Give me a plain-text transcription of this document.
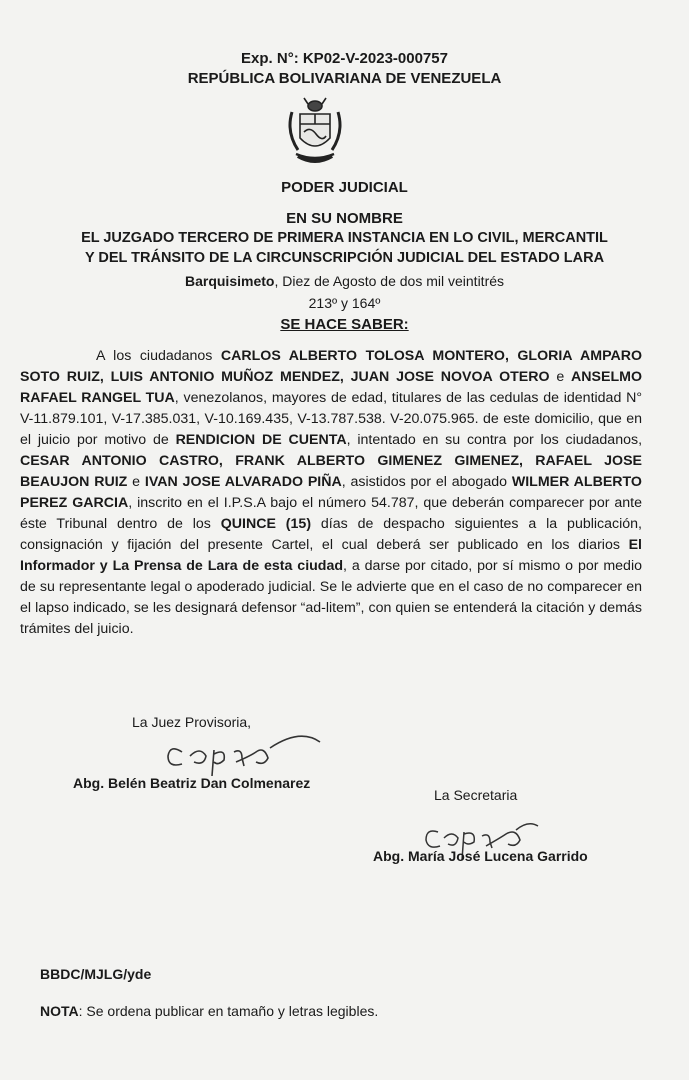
Exp. N°: KP02-V-2023-000757
REPÚBLICA BOLIVARIANA DE VENEZUELA
PODER JUDICIAL
EN SU NOMBRE
EL JUZGADO TERCERO DE PRIMERA INSTANCIA EN LO CIVIL, MERCANTIL
Y DEL TRÁNSITO DE LA CIRCUNSCRIPCIÓN JUDICIAL DEL ESTADO LARA
Barquisimeto, Diez de Agosto de dos mil veintitrés
213º y 164º
SE HACE SABER:
A los ciudadanos CARLOS ALBERTO TOLOSA MONTERO, GLORIA AMPARO SOTO RUIZ, LUIS ANTONIO MUÑOZ MENDEZ, JUAN JOSE NOVOA OTERO e ANSELMO RAFAEL RANGEL TUA, venezolanos, mayores de edad, titulares de las cedulas de identidad N° V-11.879.101, V-17.385.031, V-10.169.435, V-13.787.538. V-20.075.965. de este domicilio, que en el juicio por motivo de RENDICION DE CUENTA, intentado en su contra por los ciudadanos, CESAR ANTONIO CASTRO, FRANK ALBERTO GIMENEZ GIMENEZ, RAFAEL JOSE BEAUJON RUIZ e IVAN JOSE ALVARADO PIÑA, asistidos por el abogado WILMER ALBERTO PEREZ GARCIA, inscrito en el I.P.S.A bajo el número 54.787, que deberán comparecer por ante éste Tribunal dentro de los QUINCE (15) días de despacho siguientes a la publicación, consignación y fijación del presente Cartel, el cual deberá ser publicado en los diarios El Informador y La Prensa de Lara de esta ciudad, a darse por citado, por sí mismo o por medio de su representante legal o apoderado judicial. Se le advierte que en el caso de no comparecer en el lapso indicado, se les designará defensor “ad-litem”, con quien se entenderá la citación y demás trámites del juicio.
La Juez Provisoria,
Abg. Belén Beatriz Dan Colmenarez
La Secretaria
Abg. María José Lucena Garrido
BBDC/MJLG/yde
NOTA: Se ordena publicar en tamaño y letras legibles.
